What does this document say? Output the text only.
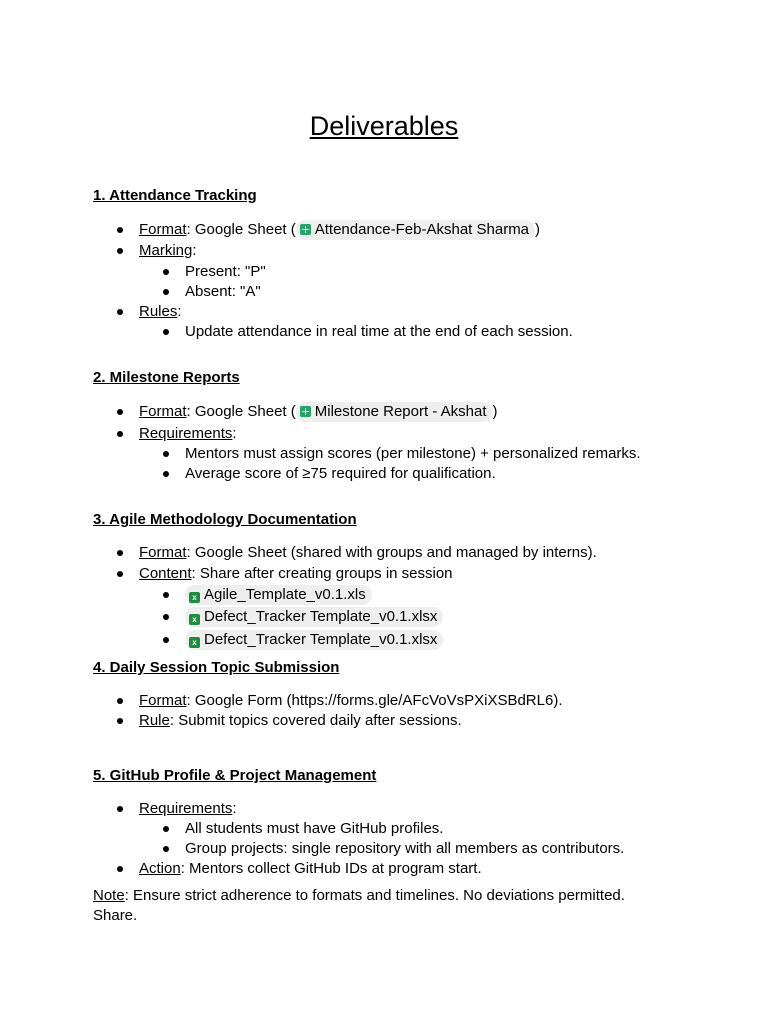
Deliverables
1. Attendance Tracking
Format: Google Sheet ( Attendance-Feb-Akshat Sharma )
Marking:
Present: "P"
Absent: "A"
Rules:
Update attendance in real time at the end of each session.
2. Milestone Reports
Format: Google Sheet ( Milestone Report - Akshat )
Requirements:
Mentors must assign scores (per milestone) + personalized remarks.
Average score of ≥75 required for qualification.
3. Agile Methodology Documentation
Format: Google Sheet (shared with groups and managed by interns).
Content: Share after creating groups in session
x Agile_Template_v0.1.xls
x Defect_Tracker Template_v0.1.xlsx
x Defect_Tracker Template_v0.1.xlsx
4. Daily Session Topic Submission
Format: Google Form (https://forms.gle/AFcVoVsPXiXSBdRL6).
Rule: Submit topics covered daily after sessions.
5. GitHub Profile & Project Management
Requirements:
All students must have GitHub profiles.
Group projects: single repository with all members as contributors.
Action: Mentors collect GitHub IDs at program start.
Note: Ensure strict adherence to formats and timelines. No deviations permitted.
Share.
